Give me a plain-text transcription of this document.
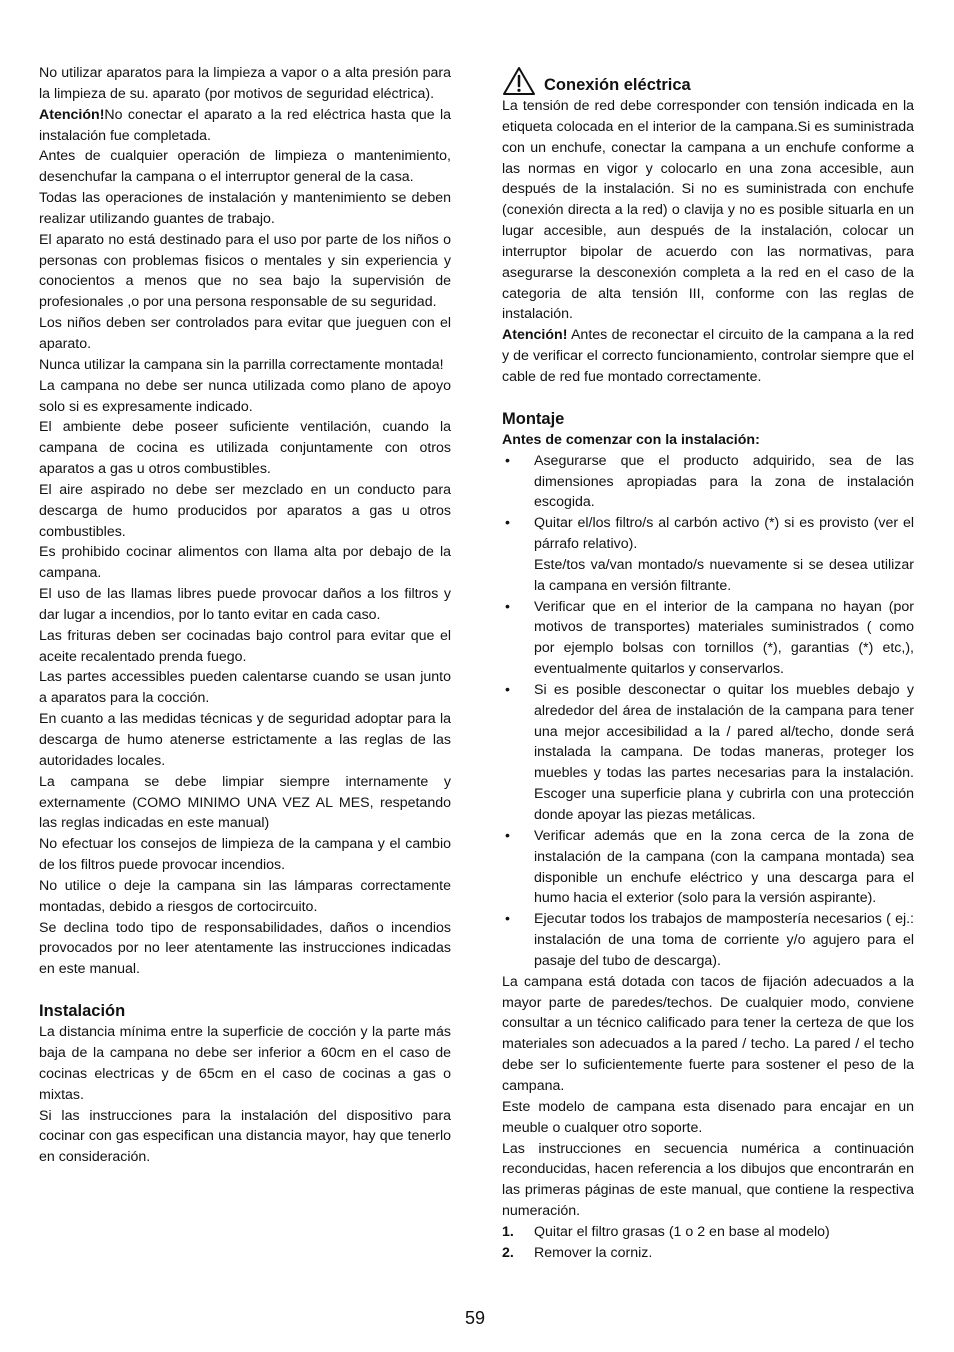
No utilizar aparatos para la limpieza a vapor o a alta presión para la limpieza de su. aparato (por motivos de seguridad eléctrica).

Atención!No conectar el aparato a la red eléctrica hasta que la instalación fue completada.

Antes de cualquier operación de limpieza o mantenimiento, desenchufar la campana o el interruptor general de la casa.

Todas las operaciones de instalación y mantenimiento se deben realizar utilizando guantes de trabajo.

El aparato no está destinado para el uso por parte de los niños o personas con problemas fisicos o mentales y sin experiencia y conocientos a menos que no sea bajo la supervisión de profesionales ,o por una persona responsable de su seguridad.

Los niños deben ser controlados para evitar que jueguen con el aparato.

Nunca utilizar la campana sin la parrilla correctamente montada!

La campana no debe ser nunca utilizada como plano de apoyo solo si es expresamente indicado.

El ambiente debe poseer suficiente ventilación, cuando la campana de cocina es utilizada conjuntamente con otros aparatos a gas u otros combustibles.

El aire aspirado no debe ser mezclado en un conducto para descarga de humo producidos por aparatos a gas u otros combustibles.

Es prohibido cocinar alimentos con llama alta por debajo de la campana.

El uso de las llamas libres puede provocar daños a los filtros y dar lugar a incendios, por lo tanto evitar en cada caso.

Las frituras deben ser cocinadas bajo control para evitar que el aceite recalentado prenda fuego.

Las partes accessibles pueden calentarse cuando se usan junto a aparatos para la cocción.

En cuanto a las medidas técnicas y de seguridad adoptar para la descarga de humo atenerse estrictamente a las reglas de las autoridades locales.

La campana se debe limpiar siempre internamente y externamente (COMO MINIMO UNA VEZ AL MES, respetando las reglas indicadas en este manual)

No efectuar los consejos de limpieza de la campana y el cambio de los filtros puede provocar incendios.

No utilice o deje la campana sin las lámparas correctamente montadas, debido a riesgos de cortocircuito.

Se declina todo tipo de responsabilidades, daños o incendios provocados por no leer atentamente las instrucciones indicadas en este manual.

Instalación

La distancia mínima entre la superficie de cocción y la parte más baja de la campana no debe ser inferior a 60cm en el caso de cocinas electricas y de 65cm en el caso de cocinas a gas o mixtas.

Si las instrucciones para la instalación del dispositivo para cocinar con gas especifican una distancia mayor, hay que tenerlo en consideración.

Conexión eléctrica

La tensión de red debe corresponder con tensión indicada en la etiqueta colocada en el interior de la campana.Si es suministrada con un enchufe, conectar la campana a un enchufe conforme a las normas en vigor y colocarlo en una zona accesible, aun después de la instalación. Si no es suministrada con enchufe (conexión directa a la red) o clavija y no es posible situarla en un lugar accesible, aun después de la instalación, colocar un interruptor bipolar de acuerdo con las normativas, para asegurarse la desconexión completa a la red en el caso de la categoria de alta tensión III, conforme con las reglas de instalación.

Atención! Antes de reconectar el circuito de la campana a la red y de verificar el correcto funcionamiento, controlar siempre que el cable de red fue montado correctamente.

Montaje

Antes de comenzar con la instalación:

• Asegurarse que el producto adquirido, sea de las dimensiones apropiadas para la zona de instalación escogida.
• Quitar el/los filtro/s al carbón activo (*) si es provisto (ver el párrafo relativo).
Este/tos va/van montado/s nuevamente si se desea utilizar la campana en versión filtrante.
• Verificar que en el interior de la campana no hayan (por motivos de transportes) materiales suministrados ( como por ejemplo bolsas con tornillos (*), garantias (*) etc,), eventualmente quitarlos y conservarlos.
• Si es posible desconectar o quitar los muebles debajo y alrededor del área de instalación de la campana para tener una mejor accesibilidad a la / pared al/techo, donde será instalada la campana. De todas maneras, proteger los muebles y todas las partes necesarias para la instalación. Escoger una superficie plana y cubrirla con una protección donde apoyar las piezas metálicas.
• Verificar además que en la zona cerca de la zona de instalación de la campana (con la campana montada) sea disponible un enchufe eléctrico y una descarga para el humo hacia el exterior (solo para la versión aspirante).
• Ejecutar todos los trabajos de mampostería necesarios ( ej.: instalación de una toma de corriente y/o agujero para el pasaje del tubo de descarga).

La campana está dotada con tacos de fijación adecuados a la mayor parte de paredes/techos. De cualquier modo, conviene consultar a un técnico calificado para tener la certeza de que los materiales son adecuados a la pared / techo. La pared / el techo debe ser lo suficientemente fuerte para sostener el peso de la campana.

Este modelo de campana esta disenado para encajar en un meuble o cualquer otro soporte.

Las instrucciones en secuencia numérica a continuación reconducidas, hacen referencia a los dibujos que encontrarán en las primeras páginas de este manual, que contiene la respectiva numeración.

1. Quitar el filtro grasas (1 o 2 en base al modelo)
2. Remover la corniz.
59
